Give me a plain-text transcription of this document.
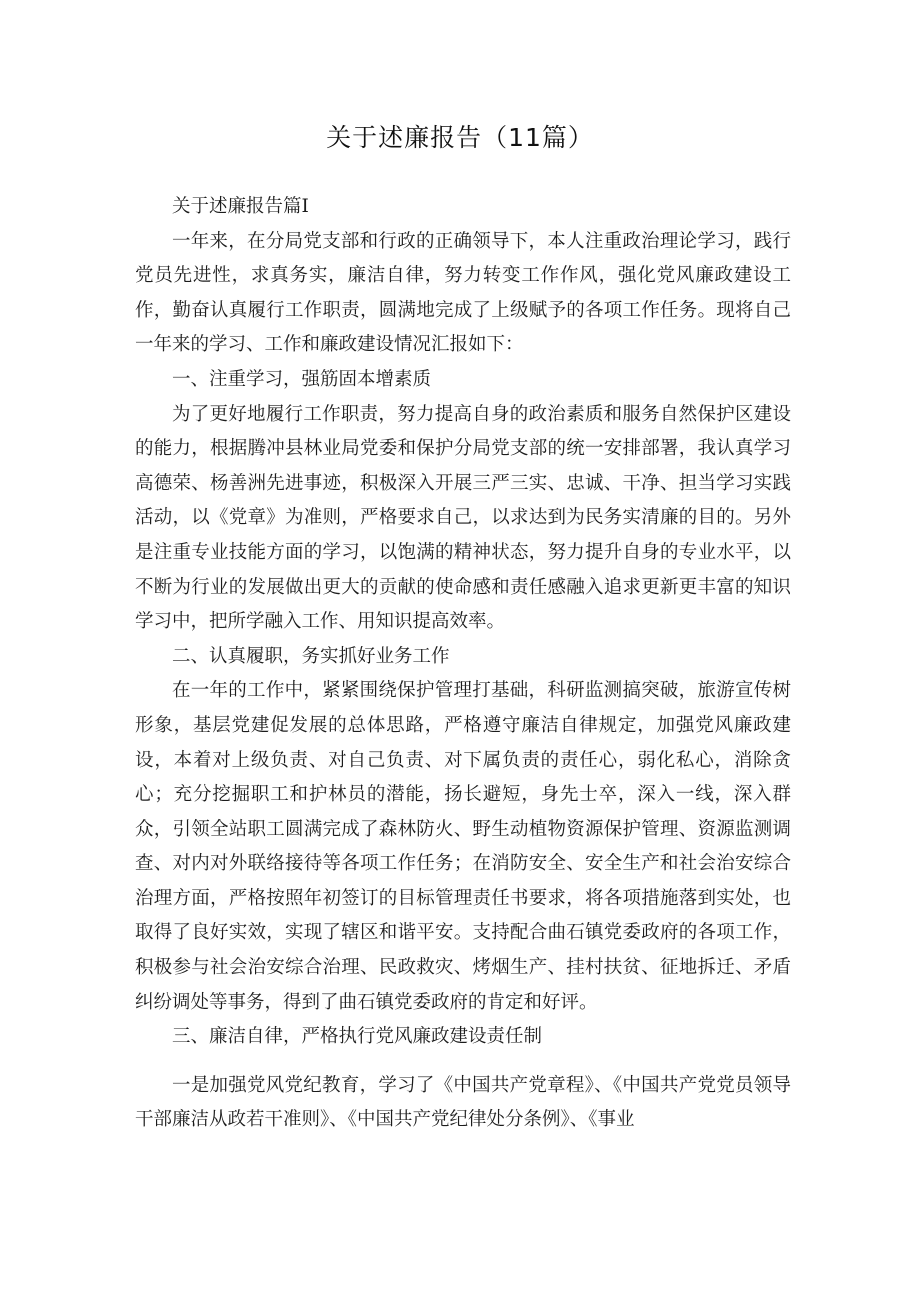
关于述廉报告（11篇）

关于述廉报告篇Ⅰ

一年来，在分局党支部和行政的正确领导下，本人注重政治理论学习，践行党员先进性，求真务实，廉洁自律，努力转变工作作风，强化党风廉政建设工作，勤奋认真履行工作职责，圆满地完成了上级赋予的各项工作任务。现将自己一年来的学习、工作和廉政建设情况汇报如下：

一、注重学习，强筋固本增素质

为了更好地履行工作职责，努力提高自身的政治素质和服务自然保护区建设的能力，根据腾冲县林业局党委和保护分局党支部的统一安排部署，我认真学习高德荣、杨善洲先进事迹，积极深入开展三严三实、忠诚、干净、担当学习实践活动，以《党章》为准则，严格要求自己，以求达到为民务实清廉的目的。另外是注重专业技能方面的学习，以饱满的精神状态，努力提升自身的专业水平，以不断为行业的发展做出更大的贡献的使命感和责任感融入追求更新更丰富的知识学习中，把所学融入工作、用知识提高效率。

二、认真履职，务实抓好业务工作

在一年的工作中，紧紧围绕保护管理打基础，科研监测搞突破，旅游宣传树形象，基层党建促发展的总体思路，严格遵守廉洁自律规定，加强党风廉政建设，本着对上级负责、对自己负责、对下属负责的责任心，弱化私心，消除贪心；充分挖掘职工和护林员的潜能，扬长避短，身先士卒，深入一线，深入群众，引领全站职工圆满完成了森林防火、野生动植物资源保护管理、资源监测调查、对内对外联络接待等各项工作任务；在消防安全、安全生产和社会治安综合治理方面，严格按照年初签订的目标管理责任书要求，将各项措施落到实处，也取得了良好实效，实现了辖区和谐平安。支持配合曲石镇党委政府的各项工作，积极参与社会治安综合治理、民政救灾、烤烟生产、挂村扶贫、征地拆迁、矛盾纠纷调处等事务，得到了曲石镇党委政府的肯定和好评。

三、廉洁自律，严格执行党风廉政建设责任制

一是加强党风党纪教育，学习了《中国共产党章程》、《中国共产党党员领导干部廉洁从政若干准则》、《中国共产党纪律处分条例》、《事业
